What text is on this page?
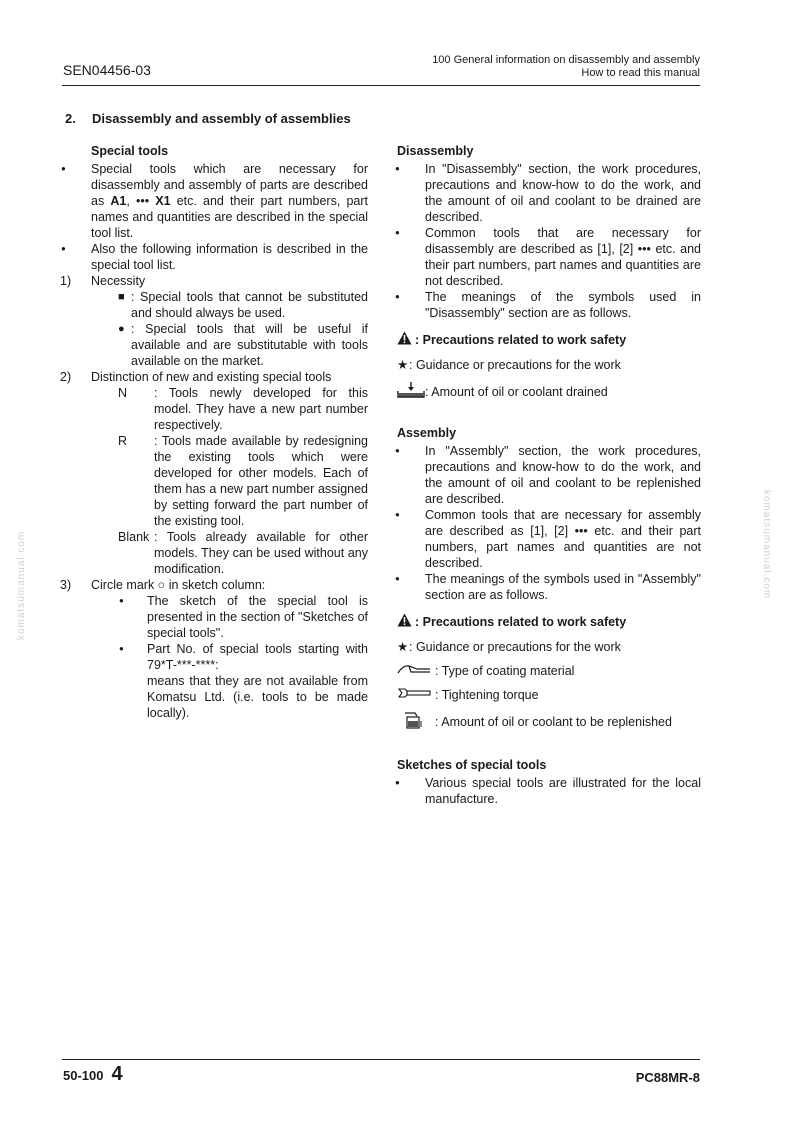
SEN04456-03
100 General information on disassembly and assembly
How to read this manual
komatsumanual.com	komatsumanual.com
2. Disassembly and assembly of assemblies
Special tools
● Special tools which are necessary for disassembly and assembly of parts are described as A1, ••• X1 etc. and their part numbers, part names and quantities are described in the special tool list.
● Also the following information is described in the special tool list.
1) Necessity
■ : Special tools that cannot be substituted and should always be used.
● : Special tools that will be useful if available and are substitutable with tools available on the market.
2) Distinction of new and existing special tools
N	: Tools newly developed for this model. They have a new part number respectively.
R	: Tools made available by redesigning the existing tools which were developed for other models. Each of them has a new part number assigned by setting forward the part number of the existing tool.
Blank : Tools already available for other models. They can be used without any modification.
3) Circle mark ○ in sketch column:
● The sketch of the special tool is presented in the section of "Sketches of special tools".
● Part No. of special tools starting with 79*T-***-****:
means that they are not available from Komatsu Ltd. (i.e. tools to be made locally).
Disassembly
● In "Disassembly" section, the work procedures, precautions and know-how to do the work, and the amount of oil and coolant to be drained are described.
● Common tools that are necessary for disassembly are described as [1], [2] ••• etc. and their part numbers, part names and quantities are not described.
● The meanings of the symbols used in "Disassembly" section are as follows.
: Precautions related to work safety
★ : Guidance or precautions for the work
: Amount of oil or coolant drained
Assembly
● In "Assembly" section, the work procedures, precautions and know-how to do the work, and the amount of oil and coolant to be replenished are described.
● Common tools that are necessary for assembly are described as [1], [2] ••• etc. and their part numbers, part names and quantities are not described.
● The meanings of the symbols used in "Assembly" section are as follows.
: Precautions related to work safety
★ : Guidance or precautions for the work
: Type of coating material
: Tightening torque
: Amount of oil or coolant to be replenished
Sketches of special tools
● Various special tools are illustrated for the local manufacture.
50-100 4	PC88MR-8
